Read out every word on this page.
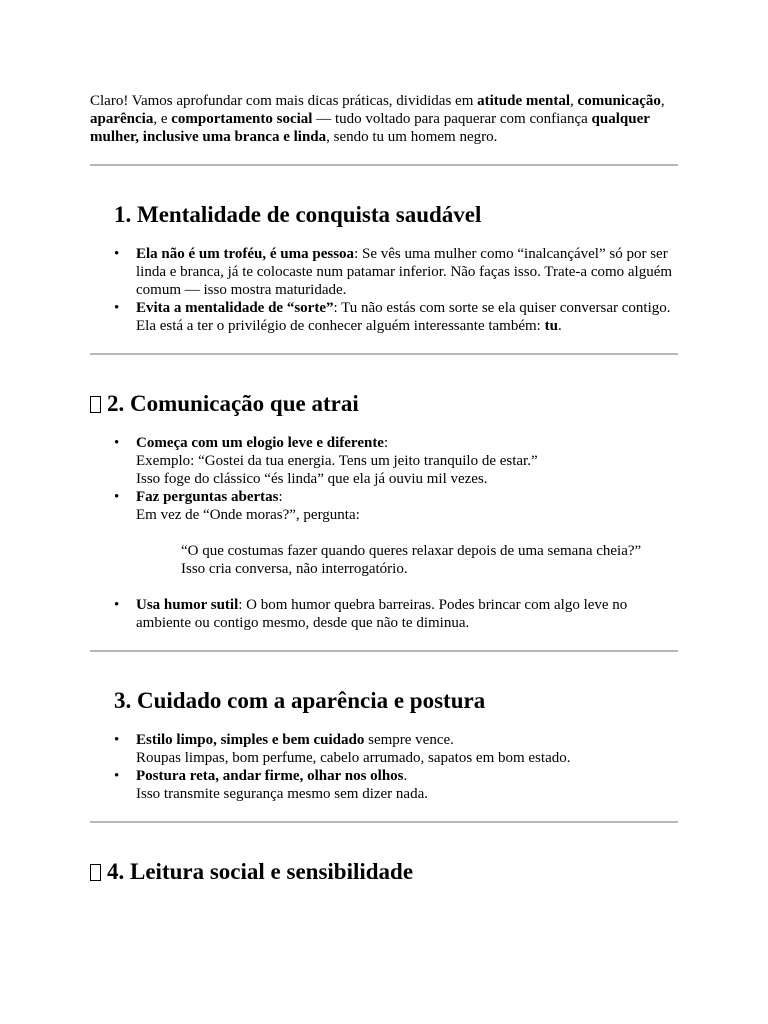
Claro! Vamos aprofundar com mais dicas práticas, divididas em atitude mental, comunicação, aparência, e comportamento social — tudo voltado para paquerar com confiança qualquer mulher, inclusive uma branca e linda, sendo tu um homem negro.

1. Mentalidade de conquista saudável
• Ela não é um troféu, é uma pessoa: Se vês uma mulher como “inalcançável” só por ser linda e branca, já te colocaste num patamar inferior. Não faças isso. Trate-a como alguém comum — isso mostra maturidade.
• Evita a mentalidade de “sorte”: Tu não estás com sorte se ela quiser conversar contigo. Ela está a ter o privilégio de conhecer alguém interessante também: tu.
2. Comunicação que atrai
• Começa com um elogio leve e diferente:
Exemplo: “Gostei da tua energia. Tens um jeito tranquilo de estar.”
Isso foge do clássico “és linda” que ela já ouviu mil vezes.
• Faz perguntas abertas:
Em vez de “Onde moras?”, pergunta:
“O que costumas fazer quando queres relaxar depois de uma semana cheia?”
Isso cria conversa, não interrogatório.
• Usa humor sutil: O bom humor quebra barreiras. Podes brincar com algo leve no ambiente ou contigo mesmo, desde que não te diminua.
3. Cuidado com a aparência e postura
• Estilo limpo, simples e bem cuidado sempre vence.
Roupas limpas, bom perfume, cabelo arrumado, sapatos em bom estado.
• Postura reta, andar firme, olhar nos olhos.
Isso transmite segurança mesmo sem dizer nada.
4. Leitura social e sensibilidade
